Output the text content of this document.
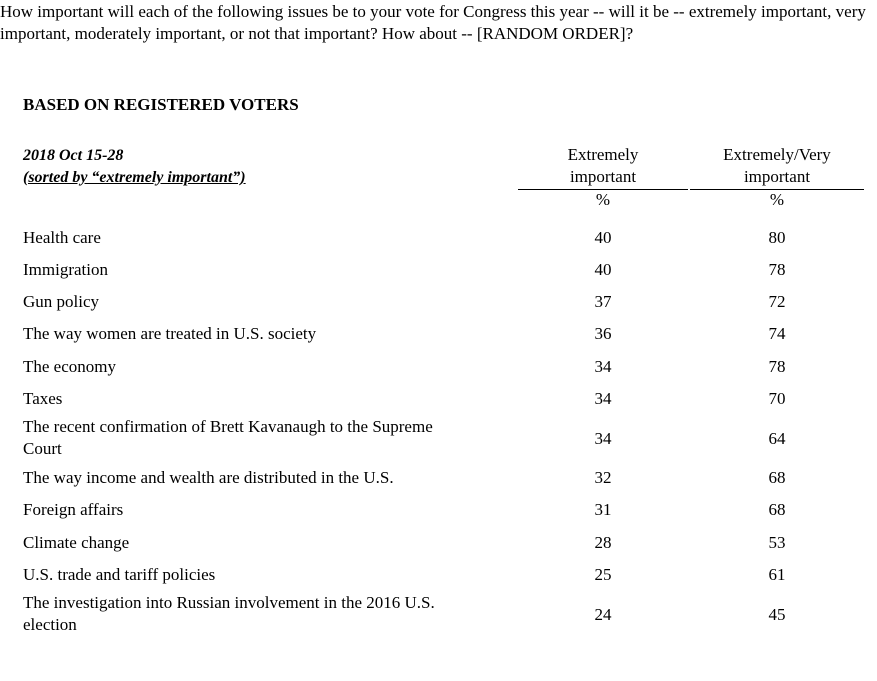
How important will each of the following issues be to your vote for Congress this year -- will it be -- extremely important, very important, moderately important, or not that important? How about -- [RANDOM ORDER]?

BASED ON REGISTERED VOTERS
2018 Oct 15-28
(sorted by “extremely important”)
Extremely
important
Extremely/Very
important
%	%
Health care	40	80
Immigration	40	78
Gun policy	37	72
The way women are treated in U.S. society	36	74
The economy	34	78
Taxes	34	70
The recent confirmation of Brett Kavanaugh to the Supreme
Court
34	64
The way income and wealth are distributed in the U.S.	32	68
Foreign affairs	31	68
Climate change	28	53
U.S. trade and tariff policies	25	61
The investigation into Russian involvement in the 2016 U.S.
election
24	45
